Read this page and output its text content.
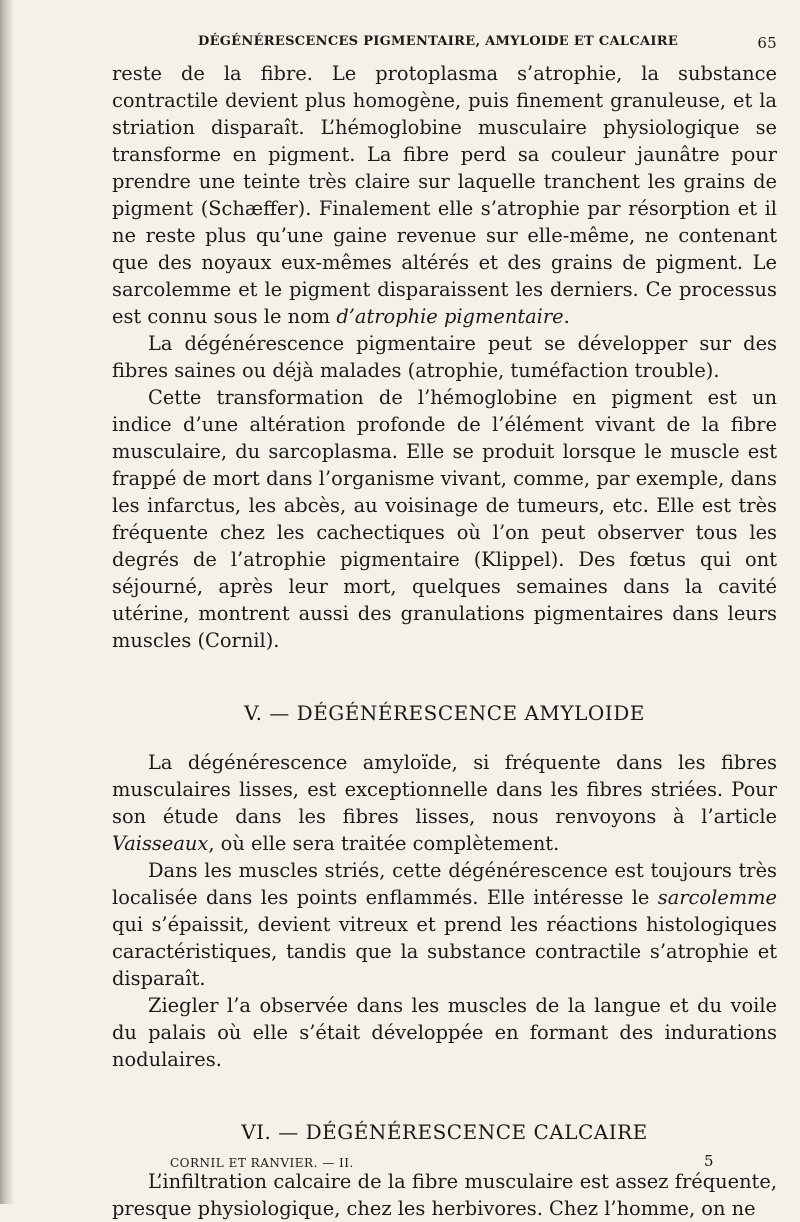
DÉGÉNÉRESCENCES PIGMENTAIRE, AMYLOIDE ET CALCAIRE	65

reste de la fibre. Le protoplasma s’atrophie, la substance contractile devient plus homogène, puis finement granuleuse, et la striation disparaît. L’hémoglobine musculaire physiologique se transforme en pigment. La fibre perd sa couleur jaunâtre pour prendre une teinte très claire sur laquelle tranchent les grains de pigment (Schæffer). Finalement elle s’atrophie par résorption et il ne reste plus qu’une gaine revenue sur elle-même, ne contenant que des noyaux eux-mêmes altérés et des grains de pigment. Le sarcolemme et le pigment disparaissent les derniers. Ce processus est connu sous le nom d’atrophie pigmentaire.

La dégénérescence pigmentaire peut se développer sur des fibres saines ou déjà malades (atrophie, tuméfaction trouble).

Cette transformation de l’hémoglobine en pigment est un indice d’une altération profonde de l’élément vivant de la fibre musculaire, du sarcoplasma. Elle se produit lorsque le muscle est frappé de mort dans l’organisme vivant, comme, par exemple, dans les infarctus, les abcès, au voisinage de tumeurs, etc. Elle est très fréquente chez les cachectiques où l’on peut observer tous les degrés de l’atrophie pigmentaire (Klippel). Des fœtus qui ont séjourné, après leur mort, quelques semaines dans la cavité utérine, montrent aussi des granulations pigmentaires dans leurs muscles (Cornil).

V. — DÉGÉNÉRESCENCE AMYLOIDE

La dégénérescence amyloïde, si fréquente dans les fibres musculaires lisses, est exceptionnelle dans les fibres striées. Pour son étude dans les fibres lisses, nous renvoyons à l’article Vaisseaux, où elle sera traitée complètement.

Dans les muscles striés, cette dégénérescence est toujours très localisée dans les points enflammés. Elle intéresse le sarcolemme qui s’épaissit, devient vitreux et prend les réactions histologiques caractéristiques, tandis que la substance contractile s’atrophie et disparaît.

Ziegler l’a observée dans les muscles de la langue et du voile du palais où elle s’était développée en formant des indurations nodulaires.

VI. — DÉGÉNÉRESCENCE CALCAIRE

L’infiltration calcaire de la fibre musculaire est assez fréquente, presque physiologique, chez les herbivores. Chez l’homme, on ne

CORNIL ET RANVIER. — II.	5
